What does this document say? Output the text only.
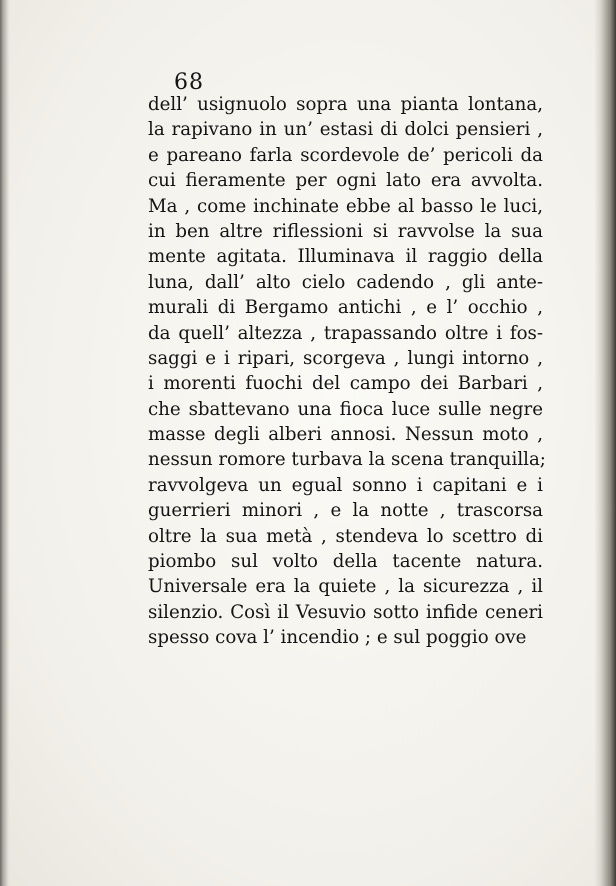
68
dell’ usignuolo sopra una pianta lontana,
la rapivano in un’ estasi di dolci pensieri ,
e pareano farla scordevole de’ pericoli da
cui fieramente per ogni lato era avvolta.
Ma , come inchinate ebbe al basso le luci,
in ben altre riflessioni si ravvolse la sua
mente agitata. Illuminava il raggio della
luna, dall’ alto cielo cadendo , gli ante-
murali di Bergamo antichi , e l’ occhio ,
da quell’ altezza , trapassando oltre i fos-
saggi e i ripari, scorgeva , lungi intorno ,
i morenti fuochi del campo dei Barbari ,
che sbattevano una fioca luce sulle negre
masse degli alberi annosi. Nessun moto ,
nessun romore turbava la scena tranquilla;
ravvolgeva un egual sonno i capitani e i
guerrieri minori , e la notte , trascorsa
oltre la sua metà , stendeva lo scettro di
piombo sul volto della tacente natura.
Universale era la quiete , la sicurezza , il
silenzio. Così il Vesuvio sotto infide ceneri
spesso cova l’ incendio ; e sul poggio ove
